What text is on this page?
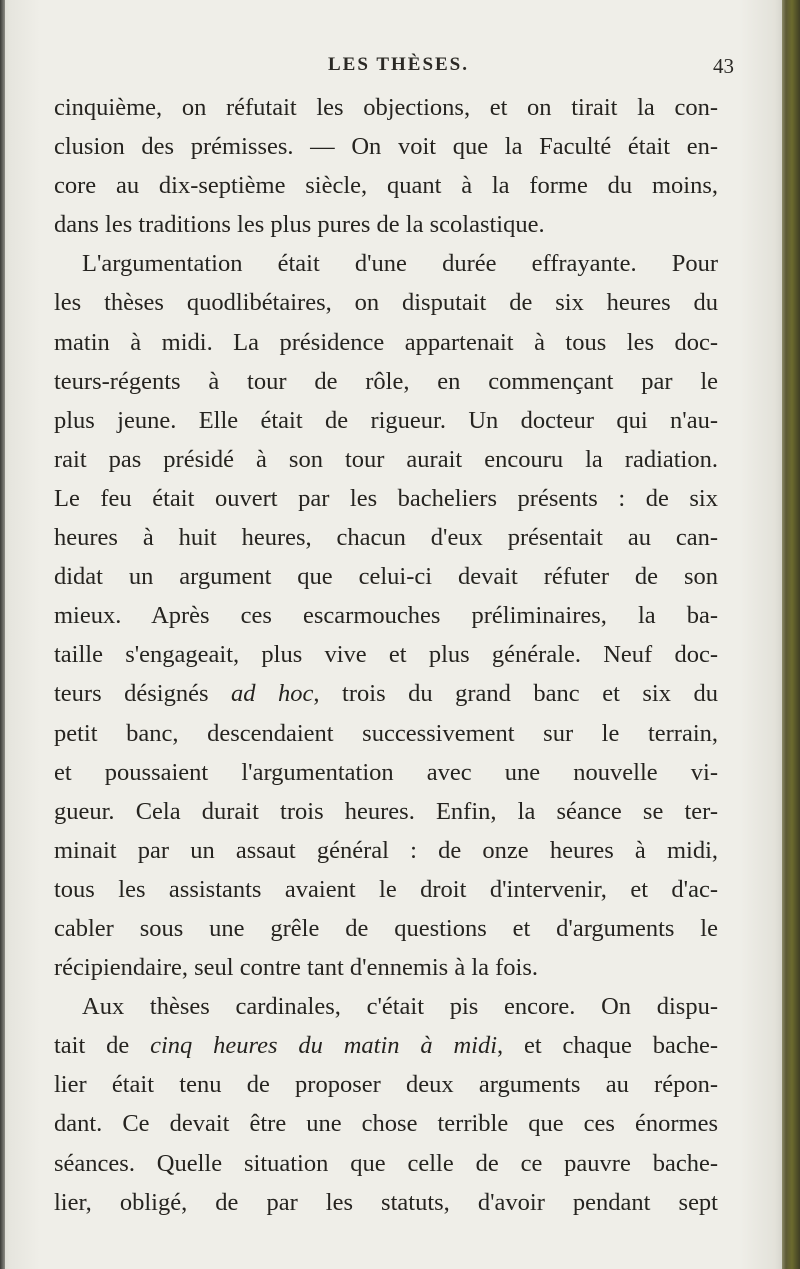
LES THÈSES.	43
cinquième, on réfutait les objections, et on tirait la con-
clusion des prémisses. — On voit que la Faculté était en-
core au dix-septième siècle, quant à la forme du moins,
dans les traditions les plus pures de la scolastique.
L'argumentation était d'une durée effrayante. Pour
les thèses quodlibétaires, on disputait de six heures du
matin à midi. La présidence appartenait à tous les doc-
teurs-régents à tour de rôle, en commençant par le
plus jeune. Elle était de rigueur. Un docteur qui n'au-
rait pas présidé à son tour aurait encouru la radiation.
Le feu était ouvert par les bacheliers présents : de six
heures à huit heures, chacun d'eux présentait au can-
didat un argument que celui-ci devait réfuter de son
mieux. Après ces escarmouches préliminaires, la ba-
taille s'engageait, plus vive et plus générale. Neuf doc-
teurs désignés ad hoc, trois du grand banc et six du
petit banc, descendaient successivement sur le terrain,
et poussaient l'argumentation avec une nouvelle vi-
gueur. Cela durait trois heures. Enfin, la séance se ter-
minait par un assaut général : de onze heures à midi,
tous les assistants avaient le droit d'intervenir, et d'ac-
cabler sous une grêle de questions et d'arguments le
récipiendaire, seul contre tant d'ennemis à la fois.
Aux thèses cardinales, c'était pis encore. On dispu-
tait de cinq heures du matin à midi, et chaque bache-
lier était tenu de proposer deux arguments au répon-
dant. Ce devait être une chose terrible que ces énormes
séances. Quelle situation que celle de ce pauvre bache-
lier, obligé, de par les statuts, d'avoir pendant sept
